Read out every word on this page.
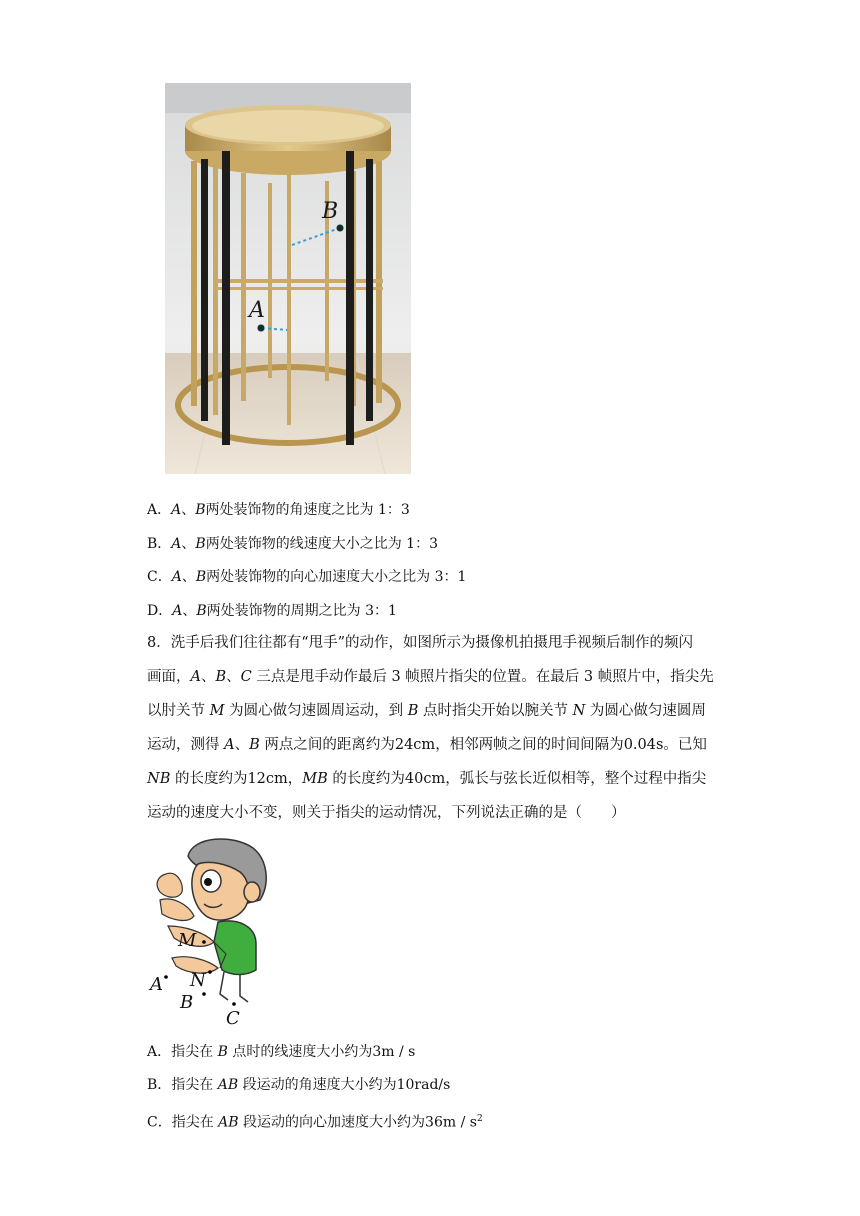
B
A
A．A、B两处装饰物的角速度之比为 1：3
B．A、B两处装饰物的线速度大小之比为 1：3
C．A、B两处装饰物的向心加速度大小之比为 3：1
D．A、B两处装饰物的周期之比为 3：1

8．洗手后我们往往都有“甩手”的动作，如图所示为摄像机拍摄甩手视频后制作的频闪

画面，A、B、C 三点是甩手动作最后 3 帧照片指尖的位置。在最后 3 帧照片中，指尖先

以肘关节 M 为圆心做匀速圆周运动，到 B 点时指尖开始以腕关节 N 为圆心做匀速圆周

运动，测得 A、B 两点之间的距离约为24cm，相邻两帧之间的时间间隔为0.04s。已知

NB 的长度约为12cm，MB 的长度约为40cm，弧长与弦长近似相等，整个过程中指尖

运动的速度大小不变，则关于指尖的运动情况，下列说法正确的是（　　）

M
A N
B
C
A．指尖在 B 点时的线速度大小约为3m / s
B．指尖在 AB 段运动的角速度大小约为10rad/s
C．指尖在 AB 段运动的向心加速度大小约为$36m / s^2$
